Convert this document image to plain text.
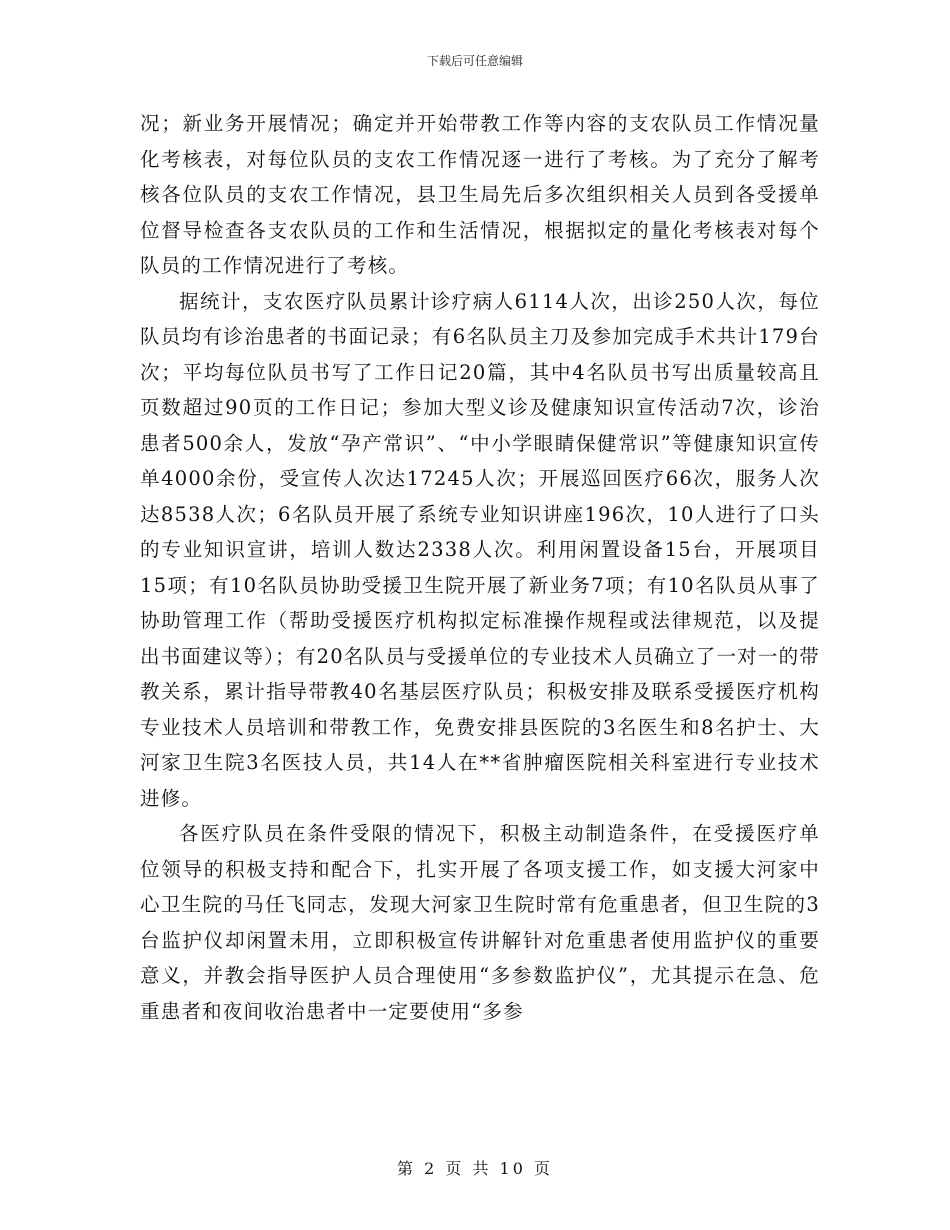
下载后可任意编辑

况；新业务开展情况；确定并开始带教工作等内容的支农队员工作情况量化考核表，对每位队员的支农工作情况逐一进行了考核。为了充分了解考核各位队员的支农工作情况，县卫生局先后多次组织相关人员到各受援单位督导检查各支农队员的工作和生活情况，根据拟定的量化考核表对每个队员的工作情况进行了考核。

据统计，支农医疗队员累计诊疗病人6114人次，出诊250人次，每位队员均有诊治患者的书面记录；有6名队员主刀及参加完成手术共计179台次；平均每位队员书写了工作日记20篇，其中4名队员书写出质量较高且页数超过90页的工作日记；参加大型义诊及健康知识宣传活动7次，诊治患者500余人，发放“孕产常识”、“中小学眼睛保健常识”等健康知识宣传单4000余份，受宣传人次达17245人次；开展巡回医疗66次，服务人次达8538人次；6名队员开展了系统专业知识讲座196次，10人进行了口头的专业知识宣讲，培训人数达2338人次。利用闲置设备15台，开展项目15项；有10名队员协助受援卫生院开展了新业务7项；有10名队员从事了协助管理工作（帮助受援医疗机构拟定标准操作规程或法律规范，以及提出书面建议等）；有20名队员与受援单位的专业技术人员确立了一对一的带教关系，累计指导带教40名基层医疗队员；积极安排及联系受援医疗机构专业技术人员培训和带教工作，免费安排县医院的3名医生和8名护士、大河家卫生院3名医技人员，共14人在**省肿瘤医院相关科室进行专业技术进修。

各医疗队员在条件受限的情况下，积极主动制造条件，在受援医疗单位领导的积极支持和配合下，扎实开展了各项支援工作，如支援大河家中心卫生院的马任飞同志，发现大河家卫生院时常有危重患者，但卫生院的3台监护仪却闲置未用，立即积极宣传讲解针对危重患者使用监护仪的重要意义，并教会指导医护人员合理使用“多参数监护仪”，尤其提示在急、危重患者和夜间收治患者中一定要使用“多参

第 2 页 共 10 页
